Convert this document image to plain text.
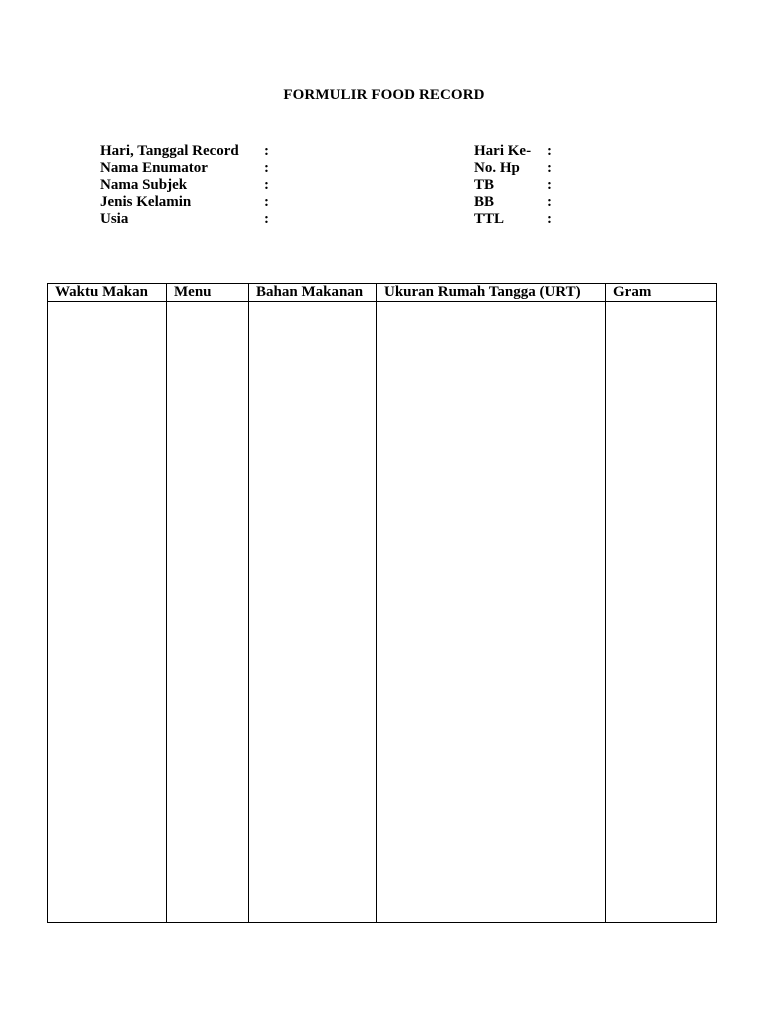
FORMULIR FOOD RECORD
Hari, Tanggal Record :
Nama Enumator	:
Nama Subjek	:
Jenis Kelamin	:
Usia	:
Hari Ke- :
No. Hp :
TB	:
BB	:
TTL	:
Waktu Makan	Menu	Bahan Makanan	Ukuran Rumah Tangga (URT)	Gram
